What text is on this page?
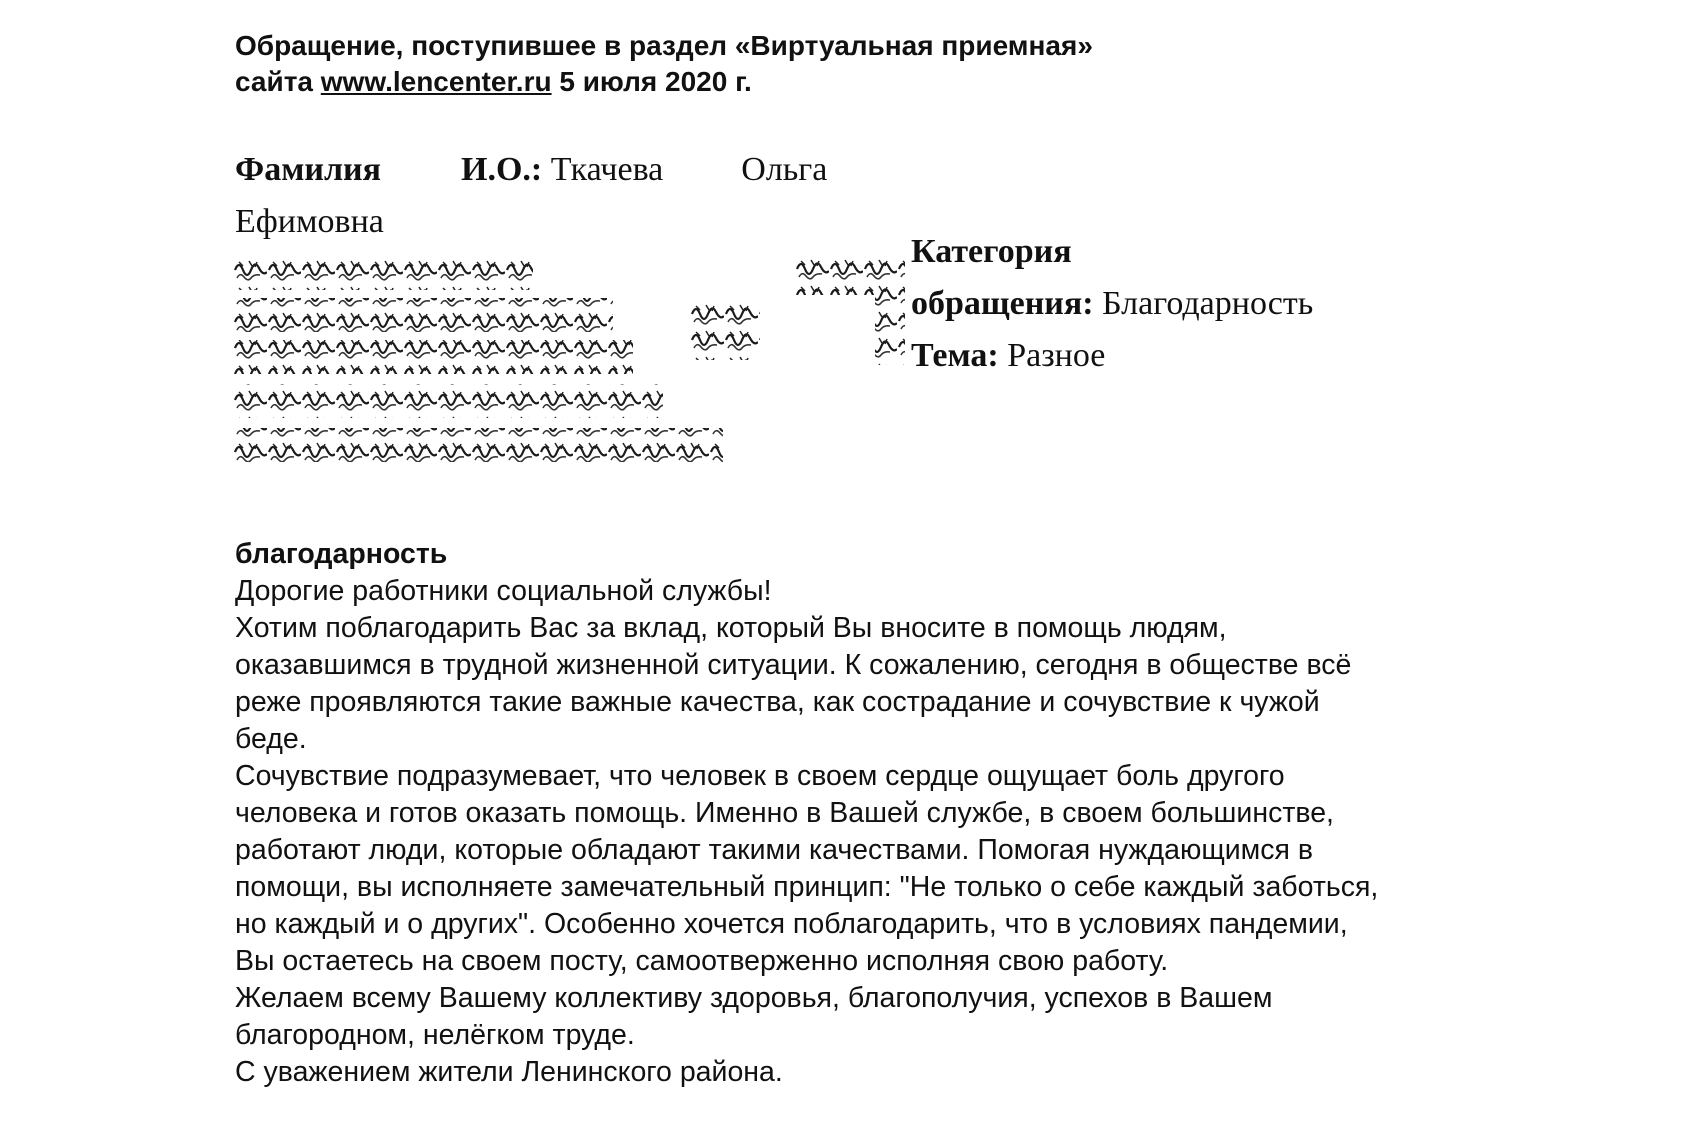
Обращение, поступившее в раздел «Виртуальная приемная»
сайта www.lencenter.ru 5 июля 2020 г.
Фамилия И.О.: Ткачева Ольга
Ефимовна
Категория
обращения: Благодарность
Тема: Разное

благодарность

Дорогие работники социальной службы!

Хотим поблагодарить Вас за вклад, который Вы вносите в помощь людям,

оказавшимся в трудной жизненной ситуации. К сожалению, сегодня в обществе всё

реже проявляются такие важные качества, как сострадание и сочувствие к чужой

беде.

Сочувствие подразумевает, что человек в своем сердце ощущает боль другого

человека и готов оказать помощь. Именно в Вашей службе, в своем большинстве,

работают люди, которые обладают такими качествами. Помогая нуждающимся в

помощи, вы исполняете замечательный принцип: "Не только о себе каждый заботься,

но каждый и о других". Особенно хочется поблагодарить, что в условиях пандемии,

Вы остаетесь на своем посту, самоотверженно исполняя свою работу.

Желаем всему Вашему коллективу здоровья, благополучия, успехов в Вашем

благородном, нелёгком труде.

С уважением жители Ленинского района.
